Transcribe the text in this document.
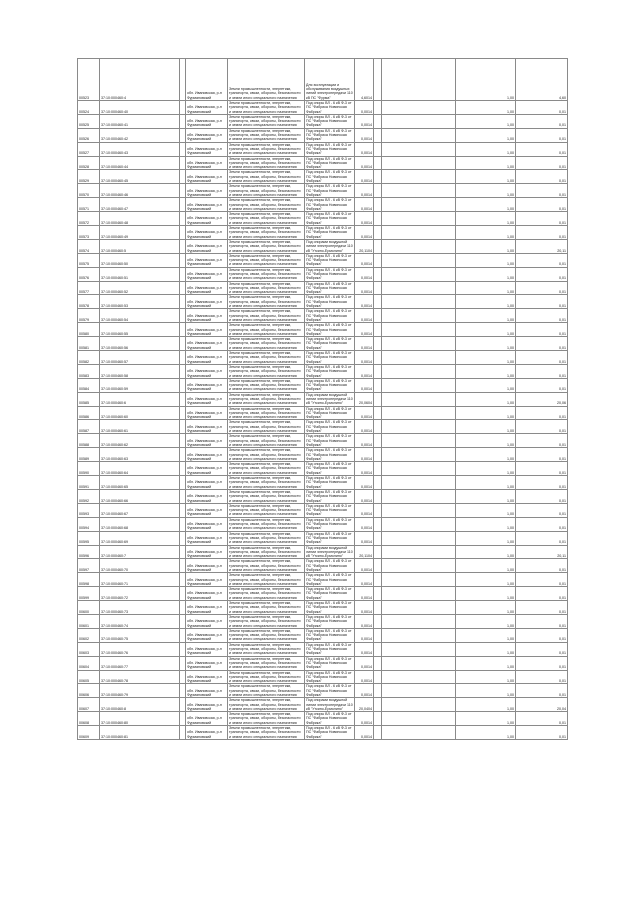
00523	37:10:000460:4		обл. Ивановская, р-н Фурмановский	Земли промышленности, энергетики, транспорта, связи, обороны, безопасности и земли иного специального назначения	Для эксплуатации и обслуживания воздушных линий электропередачи 110 кВ ПС "Фурма"	4,6014			1,00	4,60
00524	37:10:000460:40		обл. Ивановская, р-н Фурмановский	Земли промышленности, энергетики, транспорта, связи, обороны, безопасности и земли иного специального назначения	Под опоры ВЛ - 6 кВ Ф-3 от ПС "Фабрика Новинская Фабрика"	0,0014			1,00	0,01
00525	37:10:000460:41		обл. Ивановская, р-н Фурмановский	Земли промышленности, энергетики, транспорта, связи, обороны, безопасности и земли иного специального назначения	Под опоры ВЛ - 6 кВ Ф-3 от ПС "Фабрика Новинская Фабрика"	0,0014			1,00	0,01
00526	37:10:000460:42		обл. Ивановская, р-н Фурмановский	Земли промышленности, энергетики, транспорта, связи, обороны, безопасности и земли иного специального назначения	Под опоры ВЛ - 6 кВ Ф-3 от ПС "Фабрика Новинская Фабрика"	0,0014			1,00	0,01
00527	37:10:000460:43		обл. Ивановская, р-н Фурмановский	Земли промышленности, энергетики, транспорта, связи, обороны, безопасности и земли иного специального назначения	Под опоры ВЛ - 6 кВ Ф-3 от ПС "Фабрика Новинская Фабрика"	0,0014			1,00	0,01
00528	37:10:000460:44		обл. Ивановская, р-н Фурмановский	Земли промышленности, энергетики, транспорта, связи, обороны, безопасности и земли иного специального назначения	Под опоры ВЛ - 6 кВ Ф-3 от ПС "Фабрика Новинская Фабрика"	0,0014			1,00	0,01
00529	37:10:000460:45		обл. Ивановская, р-н Фурмановский	Земли промышленности, энергетики, транспорта, связи, обороны, безопасности и земли иного специального назначения	Под опоры ВЛ - 6 кВ Ф-3 от ПС "Фабрика Новинская Фабрика"	0,0014			1,00	0,01
00570	37:10:000460:46		обл. Ивановская, р-н Фурмановский	Земли промышленности, энергетики, транспорта, связи, обороны, безопасности и земли иного специального назначения	Под опоры ВЛ - 6 кВ Ф-3 от ПС "Фабрика Новинская Фабрика"	0,0014			1,00	0,01
00571	37:10:000460:47		обл. Ивановская, р-н Фурмановский	Земли промышленности, энергетики, транспорта, связи, обороны, безопасности и земли иного специального назначения	Под опоры ВЛ - 6 кВ Ф-3 от ПС "Фабрика Новинская Фабрика"	0,0014			1,00	0,01
00572	37:10:000460:48		обл. Ивановская, р-н Фурмановский	Земли промышленности, энергетики, транспорта, связи, обороны, безопасности и земли иного специального назначения	Под опоры ВЛ - 6 кВ Ф-3 от ПС "Фабрика Новинская Фабрика"	0,0014			1,00	0,01
00573	37:10:000460:49		обл. Ивановская, р-н Фурмановский	Земли промышленности, энергетики, транспорта, связи, обороны, безопасности и земли иного специального назначения	Под опоры ВЛ - 6 кВ Ф-3 от ПС "Фабрика Новинская Фабрика"	0,0014			1,00	0,01
00574	37:10:000460:5		обл. Ивановская, р-н Фурмановский	Земли промышленности, энергетики, транспорта, связи, обороны, безопасности и земли иного специального назначения	Под опорами воздушной линии электропередачи 110 кВ "Уткино-Ермолино"	20,1104			1,00	20,11
00575	37:10:000460:50		обл. Ивановская, р-н Фурмановский	Земли промышленности, энергетики, транспорта, связи, обороны, безопасности и земли иного специального назначения	Под опоры ВЛ - 6 кВ Ф-3 от ПС "Фабрика Новинская Фабрика"	0,0014			1,00	0,01
00576	37:10:000460:51		обл. Ивановская, р-н Фурмановский	Земли промышленности, энергетики, транспорта, связи, обороны, безопасности и земли иного специального назначения	Под опоры ВЛ - 6 кВ Ф-3 от ПС "Фабрика Новинская Фабрика"	0,0014			1,00	0,01
00577	37:10:000460:52		обл. Ивановская, р-н Фурмановский	Земли промышленности, энергетики, транспорта, связи, обороны, безопасности и земли иного специального назначения	Под опоры ВЛ - 6 кВ Ф-3 от ПС "Фабрика Новинская Фабрика"	0,0014			1,00	0,01
00578	37:10:000460:53		обл. Ивановская, р-н Фурмановский	Земли промышленности, энергетики, транспорта, связи, обороны, безопасности и земли иного специального назначения	Под опоры ВЛ - 6 кВ Ф-3 от ПС "Фабрика Новинская Фабрика"	0,0014			1,00	0,01
00579	37:10:000460:54		обл. Ивановская, р-н Фурмановский	Земли промышленности, энергетики, транспорта, связи, обороны, безопасности и земли иного специального назначения	Под опоры ВЛ - 6 кВ Ф-3 от ПС "Фабрика Новинская Фабрика"	0,0014			1,00	0,01
00580	37:10:000460:55		обл. Ивановская, р-н Фурмановский	Земли промышленности, энергетики, транспорта, связи, обороны, безопасности и земли иного специального назначения	Под опоры ВЛ - 6 кВ Ф-3 от ПС "Фабрика Новинская Фабрика"	0,0014			1,00	0,01
00581	37:10:000460:56		обл. Ивановская, р-н Фурмановский	Земли промышленности, энергетики, транспорта, связи, обороны, безопасности и земли иного специального назначения	Под опоры ВЛ - 6 кВ Ф-3 от ПС "Фабрика Новинская Фабрика"	0,0014			1,00	0,01
00582	37:10:000460:57		обл. Ивановская, р-н Фурмановский	Земли промышленности, энергетики, транспорта, связи, обороны, безопасности и земли иного специального назначения	Под опоры ВЛ - 6 кВ Ф-3 от ПС "Фабрика Новинская Фабрика"	0,0014			1,00	0,01
00583	37:10:000460:58		обл. Ивановская, р-н Фурмановский	Земли промышленности, энергетики, транспорта, связи, обороны, безопасности и земли иного специального назначения	Под опоры ВЛ - 6 кВ Ф-3 от ПС "Фабрика Новинская Фабрика"	0,0014			1,00	0,01
00584	37:10:000460:59		обл. Ивановская, р-н Фурмановский	Земли промышленности, энергетики, транспорта, связи, обороны, безопасности и земли иного специального назначения	Под опоры ВЛ - 6 кВ Ф-3 от ПС "Фабрика Новинская Фабрика"	0,0014			1,00	0,01
00585	37:10:000460:6		обл. Ивановская, р-н Фурмановский	Земли промышленности, энергетики, транспорта, связи, обороны, безопасности и земли иного специального назначения	Под опорами воздушной линии электропередачи 110 кВ "Уткино-Ермолино"	20,0604			1,00	20,06
00586	37:10:000460:60		обл. Ивановская, р-н Фурмановский	Земли промышленности, энергетики, транспорта, связи, обороны, безопасности и земли иного специального назначения	Под опоры ВЛ - 6 кВ Ф-3 от ПС "Фабрика Новинская Фабрика"	0,0014			1,00	0,01
00587	37:10:000460:61		обл. Ивановская, р-н Фурмановский	Земли промышленности, энергетики, транспорта, связи, обороны, безопасности и земли иного специального назначения	Под опоры ВЛ - 6 кВ Ф-3 от ПС "Фабрика Новинская Фабрика"	0,0014			1,00	0,01
00588	37:10:000460:62		обл. Ивановская, р-н Фурмановский	Земли промышленности, энергетики, транспорта, связи, обороны, безопасности и земли иного специального назначения	Под опоры ВЛ - 6 кВ Ф-3 от ПС "Фабрика Новинская Фабрика"	0,0014			1,00	0,01
00589	37:10:000460:63		обл. Ивановская, р-н Фурмановский	Земли промышленности, энергетики, транспорта, связи, обороны, безопасности и земли иного специального назначения	Под опоры ВЛ - 6 кВ Ф-3 от ПС "Фабрика Новинская Фабрика"	0,0014			1,00	0,01
00590	37:10:000460:64		обл. Ивановская, р-н Фурмановский	Земли промышленности, энергетики, транспорта, связи, обороны, безопасности и земли иного специального назначения	Под опоры ВЛ - 6 кВ Ф-3 от ПС "Фабрика Новинская Фабрика"	0,0014			1,00	0,01
00591	37:10:000460:65		обл. Ивановская, р-н Фурмановский	Земли промышленности, энергетики, транспорта, связи, обороны, безопасности и земли иного специального назначения	Под опоры ВЛ - 6 кВ Ф-3 от ПС "Фабрика Новинская Фабрика"	0,0014			1,00	0,01
00592	37:10:000460:66		обл. Ивановская, р-н Фурмановский	Земли промышленности, энергетики, транспорта, связи, обороны, безопасности и земли иного специального назначения	Под опоры ВЛ - 6 кВ Ф-3 от ПС "Фабрика Новинская Фабрика"	0,0014			1,00	0,01
00593	37:10:000460:67		обл. Ивановская, р-н Фурмановский	Земли промышленности, энергетики, транспорта, связи, обороны, безопасности и земли иного специального назначения	Под опоры ВЛ - 6 кВ Ф-3 от ПС "Фабрика Новинская Фабрика"	0,0014			1,00	0,01
00594	37:10:000460:68		обл. Ивановская, р-н Фурмановский	Земли промышленности, энергетики, транспорта, связи, обороны, безопасности и земли иного специального назначения	Под опоры ВЛ - 6 кВ Ф-3 от ПС "Фабрика Новинская Фабрика"	0,0014			1,00	0,01
00595	37:10:000460:69		обл. Ивановская, р-н Фурмановский	Земли промышленности, энергетики, транспорта, связи, обороны, безопасности и земли иного специального назначения	Под опоры ВЛ - 6 кВ Ф-3 от ПС "Фабрика Новинская Фабрика"	0,0014			1,00	0,01
00596	37:10:000460:7		обл. Ивановская, р-н Фурмановский	Земли промышленности, энергетики, транспорта, связи, обороны, безопасности и земли иного специального назначения	Под опорами воздушной линии электропередачи 110 кВ "Уткино-Ермолино"	20,1104			1,00	20,11
00597	37:10:000460:70		обл. Ивановская, р-н Фурмановский	Земли промышленности, энергетики, транспорта, связи, обороны, безопасности и земли иного специального назначения	Под опоры ВЛ - 6 кВ Ф-3 от ПС "Фабрика Новинская Фабрика"	0,0014			1,00	0,01
00598	37:10:000460:71		обл. Ивановская, р-н Фурмановский	Земли промышленности, энергетики, транспорта, связи, обороны, безопасности и земли иного специального назначения	Под опоры ВЛ - 6 кВ Ф-3 от ПС "Фабрика Новинская Фабрика"	0,0014			1,00	0,01
00599	37:10:000460:72		обл. Ивановская, р-н Фурмановский	Земли промышленности, энергетики, транспорта, связи, обороны, безопасности и земли иного специального назначения	Под опоры ВЛ - 6 кВ Ф-3 от ПС "Фабрика Новинская Фабрика"	0,0014			1,00	0,01
00600	37:10:000460:73		обл. Ивановская, р-н Фурмановский	Земли промышленности, энергетики, транспорта, связи, обороны, безопасности и земли иного специального назначения	Под опоры ВЛ - 6 кВ Ф-3 от ПС "Фабрика Новинская Фабрика"	0,0014			1,00	0,01
00601	37:10:000460:74		обл. Ивановская, р-н Фурмановский	Земли промышленности, энергетики, транспорта, связи, обороны, безопасности и земли иного специального назначения	Под опоры ВЛ - 6 кВ Ф-3 от ПС "Фабрика Новинская Фабрика"	0,0014			1,00	0,01
00602	37:10:000460:75		обл. Ивановская, р-н Фурмановский	Земли промышленности, энергетики, транспорта, связи, обороны, безопасности и земли иного специального назначения	Под опоры ВЛ - 6 кВ Ф-3 от ПС "Фабрика Новинская Фабрика"	0,0014			1,00	0,01
00603	37:10:000460:76		обл. Ивановская, р-н Фурмановский	Земли промышленности, энергетики, транспорта, связи, обороны, безопасности и земли иного специального назначения	Под опоры ВЛ - 6 кВ Ф-3 от ПС "Фабрика Новинская Фабрика"	0,0014			1,00	0,01
00604	37:10:000460:77		обл. Ивановская, р-н Фурмановский	Земли промышленности, энергетики, транспорта, связи, обороны, безопасности и земли иного специального назначения	Под опоры ВЛ - 6 кВ Ф-3 от ПС "Фабрика Новинская Фабрика"	0,0014			1,00	0,01
00605	37:10:000460:78		обл. Ивановская, р-н Фурмановский	Земли промышленности, энергетики, транспорта, связи, обороны, безопасности и земли иного специального назначения	Под опоры ВЛ - 6 кВ Ф-3 от ПС "Фабрика Новинская Фабрика"	0,0014			1,00	0,01
00606	37:10:000460:79		обл. Ивановская, р-н Фурмановский	Земли промышленности, энергетики, транспорта, связи, обороны, безопасности и земли иного специального назначения	Под опоры ВЛ - 6 кВ Ф-3 от ПС "Фабрика Новинская Фабрика"	0,0014			1,00	0,01
00607	37:10:000460:8		обл. Ивановская, р-н Фурмановский	Земли промышленности, энергетики, транспорта, связи, обороны, безопасности и земли иного специального назначения	Под опорами воздушной линии электропередачи 110 кВ "Уткино-Ермолино"	20,0404			1,00	20,04
00608	37:10:000460:80		обл. Ивановская, р-н Фурмановский	Земли промышленности, энергетики, транспорта, связи, обороны, безопасности и земли иного специального назначения	Под опоры ВЛ - 6 кВ Ф-3 от ПС "Фабрика Новинская Фабрика"	0,0014			1,00	0,01
00609	37:10:000460:81		обл. Ивановская, р-н Фурмановский	Земли промышленности, энергетики, транспорта, связи, обороны, безопасности и земли иного специального назначения	Под опоры ВЛ - 6 кВ Ф-3 от ПС "Фабрика Новинская Фабрика"	0,0014			1,00	0,01
